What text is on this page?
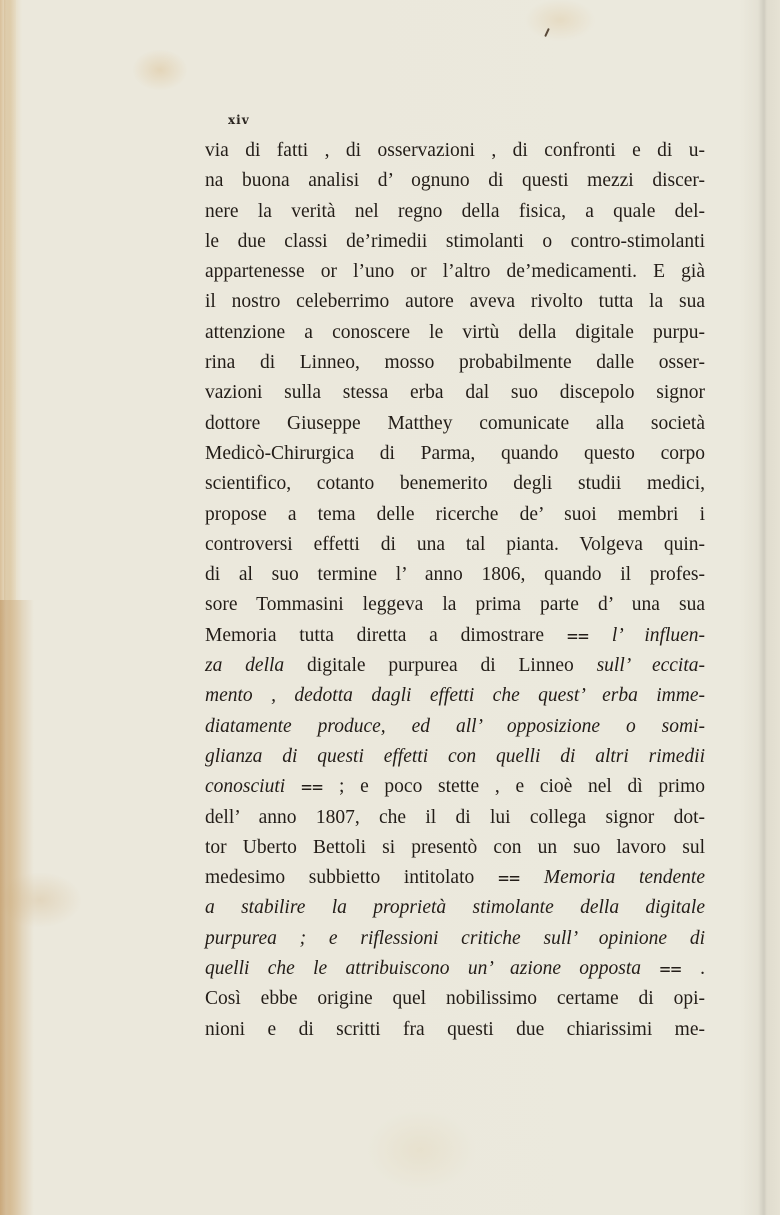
xiv
via di fatti , di osservazioni , di confronti e di u-
na buona analisi d’ ognuno di questi mezzi discer-
nere la verità nel regno della fisica, a quale del-
le due classi de’rimedii stimolanti o contro-stimolanti
appartenesse or l’uno or l’altro de’medicamenti. E già
il nostro celeberrimo autore aveva rivolto tutta la sua
attenzione a conoscere le virtù della digitale purpu-
rina di Linneo, mosso probabilmente dalle osser-
vazioni sulla stessa erba dal suo discepolo signor
dottore Giuseppe Matthey comunicate alla società
Medicò-Chirurgica di Parma, quando questo corpo
scientifico, cotanto benemerito degli studii medici,
propose a tema delle ricerche de’ suoi membri i
controversi effetti di una tal pianta. Volgeva quin-
di al suo termine l’ anno 1806, quando il profes-
sore Tommasini leggeva la prima parte d’ una sua
Memoria tutta diretta a dimostrare ⩵ l’ influen-
za della digitale purpurea di Linneo sull’ eccita-
mento , dedotta dagli effetti che quest’ erba imme-
diatamente produce, ed all’ opposizione o somi-
glianza di questi effetti con quelli di altri rimedii
conosciuti ⩵ ; e poco stette , e cioè nel dì primo
dell’ anno 1807, che il di lui collega signor dot-
tor Uberto Bettoli si presentò con un suo lavoro sul
medesimo subbietto intitolato ⩵ Memoria tendente
a stabilire la proprietà stimolante della digitale
purpurea ; e riflessioni critiche sull’ opinione di
quelli che le attribuiscono un’ azione opposta ⩵ .
Così ebbe origine quel nobilissimo certame di opi-
nioni e di scritti fra questi due chiarissimi me-
